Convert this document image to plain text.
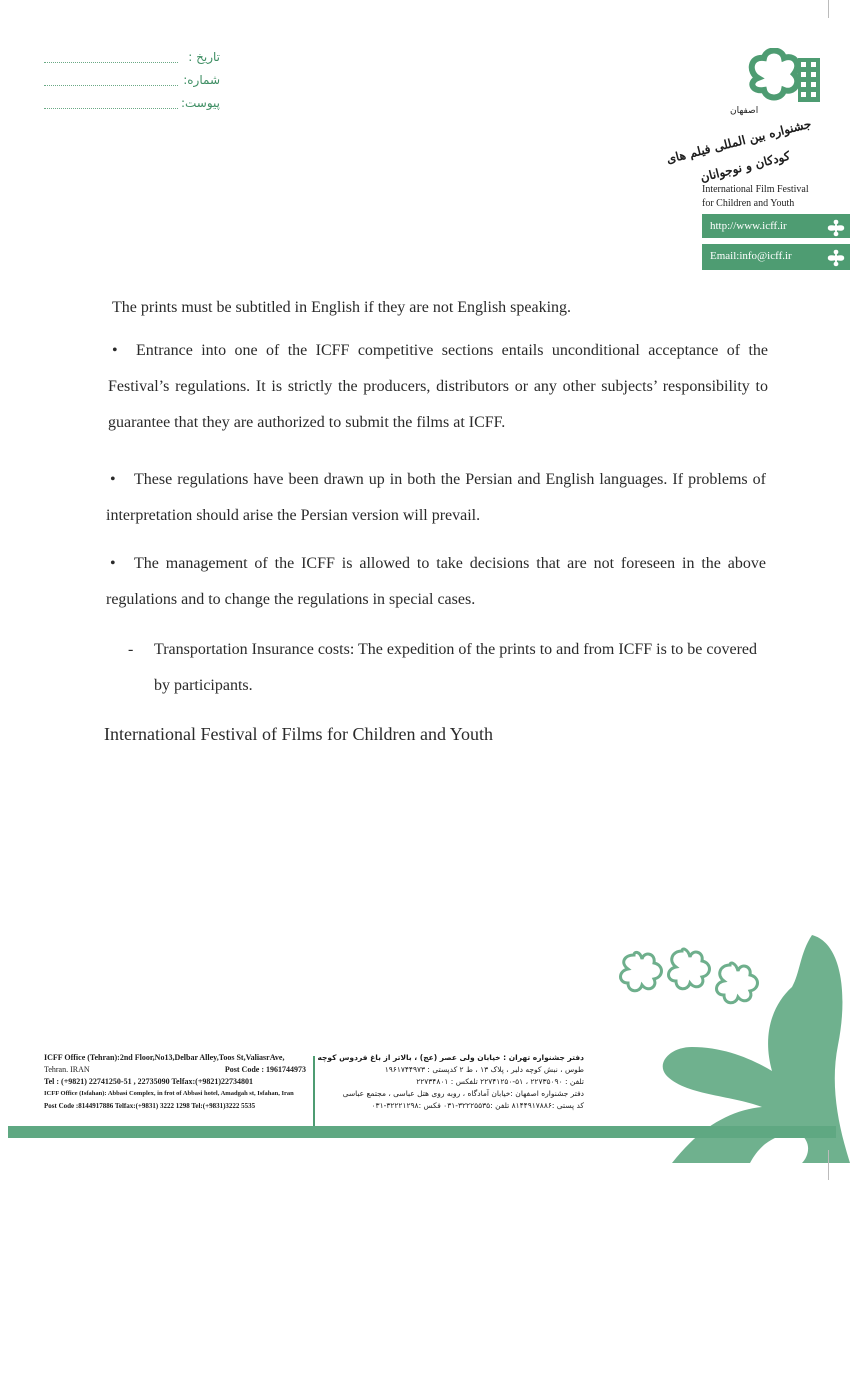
تاریخ :
شماره:
پیوست:
اصفهان
جشنواره بین المللی فیلم های کودکان و نوجوانان
International Film Festival
for Children and Youth
http://www.icff.ir
Email:info@icff.ir
The prints must be subtitled in English if they are not English speaking.
• Entrance into one of the ICFF competitive sections entails unconditional acceptance of the Festival’s regulations. It is strictly the producers, distributors or any other subjects’ responsibility to guarantee that they are authorized to submit the films at ICFF.
• These regulations have been drawn up in both the Persian and English languages. If problems of interpretation should arise the Persian version will prevail.
• The management of the ICFF is allowed to take decisions that are not foreseen in the above regulations and to change the regulations in special cases.
- Transportation Insurance costs: The expedition of the prints to and from ICFF is to be covered by participants.
International Festival of Films for Children and Youth
ICFF Office (Tehran):2nd Floor,No13,Delbar Alley,Toos St,ValiasrAve,
Tehran. IRAN	Post Code : 1961744973
Tel : (+9821) 22741250-51 , 22735090 Telfax:(+9821)22734801
ICFF Office (Isfahan): Abbasi Complex, in frot of Abbasi hotel, Amadgah st, Isfahan, Iran
Post Code :8144917886 Telfax:(+9831) 3222 1298 Tel:(+9831)3222 5535
دفتر جشنواره تهران : خیابان ولی عصر (عج) ، بالاتر از باغ فردوس کوچه
طوس ، نبش کوچه دلبر ، پلاک ۱۳ ، ط ۲ کدپستی : ۱۹۶۱۷۴۴۹۷۳
تلفن : ۲۲۷۳۵۰۹۰ ، ۵۱-۲۲۷۴۱۲۵۰ تلفکس : ۲۲۷۳۴۸۰۱
دفتر جشنواره اصفهان :خیابان آمادگاه ، روبه روی هتل عباسی ، مجتمع عباسی
کد پستی :۸۱۴۴۹۱۷۸۸۶ تلفن :۳۲۲۲۵۵۳۵-۰۳۱ فکس :۳۲۲۲۱۲۹۸-۰۳۱
